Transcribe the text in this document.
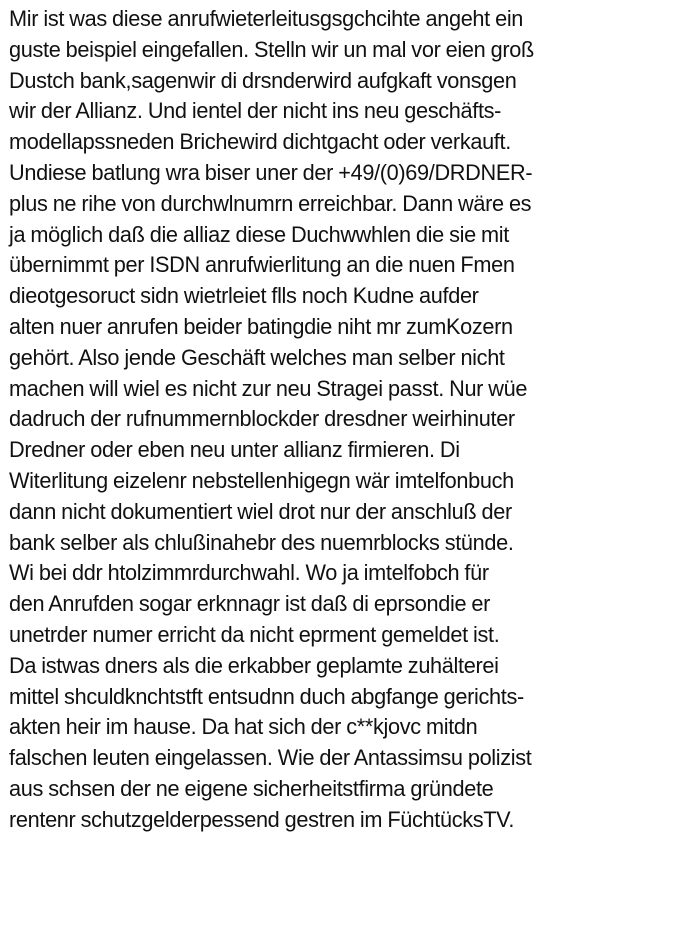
Mir ist was diese anrufwieterleitusgsgchcihte angeht ein
guste beispiel eingefallen. Stelln wir un mal vor eien groß
Dustch bank,sagenwir di drsnderwird aufgkaft vonsgen
wir der Allianz. Und ientel der nicht ins neu geschäfts-
modellapssneden Brichewird dichtgacht oder verkauft.
Undiese batlung wra biser uner der +49/(0)69/DRDNER-
plus ne rihe von durchwlnumrn erreichbar. Dann wäre es
ja möglich daß die alliaz diese Duchwwhlen die sie mit
übernimmt per ISDN anrufwierlitung an die nuen Fmen
dieotgesoruct sidn wietrleiet flls noch Kudne aufder
alten nuer anrufen beider batingdie niht mr zumKozern
gehört. Also jende Geschäft welches man selber nicht
machen will wiel es nicht zur neu Stragei passt. Nur wüe
dadruch der rufnummernblockder dresdner weirhinuter
Dredner oder eben neu unter allianz firmieren. Di
Witerlitung eizelenr nebstellenhigegn wär imtelfonbuch
dann nicht dokumentiert wiel drot nur der anschluß der
bank selber als chlußinahebr des nuemrblocks stünde.
Wi bei ddr htolzimmrdurchwahl. Wo ja imtelfobch für
den Anrufden sogar erknnagr ist daß di eprsondie er
unetrder numer erricht da nicht eprment gemeldet ist.
Da istwas dners als die erkabber geplamte zuhälterei
mittel shculdknchtstft entsudnn duch abgfange gerichts-
akten heir im hause. Da hat sich der c**kjovc mitdn
falschen leuten eingelassen. Wie der Antassimsu polizist
aus schsen der ne eigene sicherheitstfirma gründete
rentenr schutzgelderpessend gestren im FüchtücksTV.
